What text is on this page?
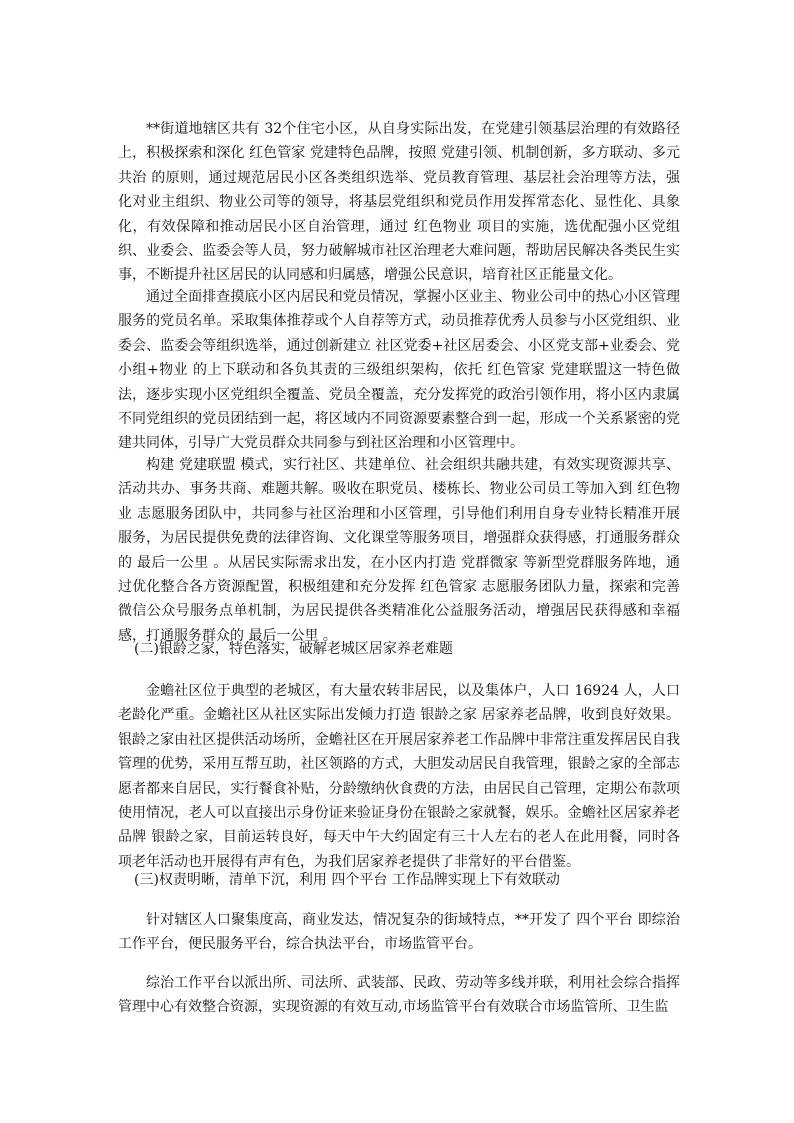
**街道地辖区共有 32个住宅小区，从自身实际出发，在党建引领基层治理的有效路径上，积极探索和深化 红色管家 党建特色品牌，按照 党建引领、机制创新，多方联动、多元共治 的原则，通过规范居民小区各类组织选举、党员教育管理、基层社会治理等方法，强化对业主组织、物业公司等的领导，将基层党组织和党员作用发挥常态化、显性化、具象化，有效保障和推动居民小区自治管理，通过 红色物业 项目的实施，选优配强小区党组织、业委会、监委会等人员，努力破解城市社区治理老大难问题，帮助居民解决各类民生实事，不断提升社区居民的认同感和归属感，增强公民意识，培育社区正能量文化。

通过全面排查摸底小区内居民和党员情况，掌握小区业主、物业公司中的热心小区管理服务的党员名单。采取集体推荐或个人自荐等方式，动员推荐优秀人员参与小区党组织、业委会、监委会等组织选举，通过创新建立 社区党委+社区居委会、小区党支部+业委会、党小组+物业 的上下联动和各负其责的三级组织架构，依托 红色管家 党建联盟这一特色做法，逐步实现小区党组织全覆盖、党员全覆盖，充分发挥党的政治引领作用，将小区内隶属不同党组织的党员团结到一起，将区域内不同资源要素整合到一起，形成一个关系紧密的党建共同体，引导广大党员群众共同参与到社区治理和小区管理中。

构建 党建联盟 模式，实行社区、共建单位、社会组织共融共建，有效实现资源共享、活动共办、事务共商、难题共解。吸收在职党员、楼栋长、物业公司员工等加入到 红色物业 志愿服务团队中，共同参与社区治理和小区管理，引导他们利用自身专业特长精准开展服务，为居民提供免费的法律咨询、文化课堂等服务项目，增强群众获得感，打通服务群众的 最后一公里 。从居民实际需求出发，在小区内打造 党群微家 等新型党群服务阵地，通过优化整合各方资源配置，积极组建和充分发挥 红色管家 志愿服务团队力量，探索和完善微信公众号服务点单机制，为居民提供各类精准化公益服务活动，增强居民获得感和幸福感，打通服务群众的 最后一公里 。

(二)银龄之家，特色落实，破解老城区居家养老难题

金蟾社区位于典型的老城区，有大量农转非居民，以及集体户，人口 16924 人，人口老龄化严重。金蟾社区从社区实际出发倾力打造 银龄之家 居家养老品牌，收到良好效果。银龄之家由社区提供活动场所，金蟾社区在开展居家养老工作品牌中非常注重发挥居民自我管理的优势，采用互帮互助，社区领路的方式，大胆发动居民自我管理，银龄之家的全部志愿者都来自居民，实行餐食补贴，分龄缴纳伙食费的方法，由居民自己管理，定期公布款项使用情况，老人可以直接出示身份证来验证身份在银龄之家就餐，娱乐。金蟾社区居家养老品牌 银龄之家，目前运转良好，每天中午大约固定有三十人左右的老人在此用餐，同时各项老年活动也开展得有声有色，为我们居家养老提供了非常好的平台借鉴。

(三)权责明晰，清单下沉，利用 四个平台 工作品牌实现上下有效联动

针对辖区人口聚集度高，商业发达，情况复杂的街域特点，**开发了 四个平台 即综治工作平台，便民服务平台，综合执法平台，市场监管平台。

综治工作平台以派出所、司法所、武装部、民政、劳动等多线并联，利用社会综合指挥管理中心有效整合资源，实现资源的有效互动,市场监管平台有效联合市场监管所、卫生监
